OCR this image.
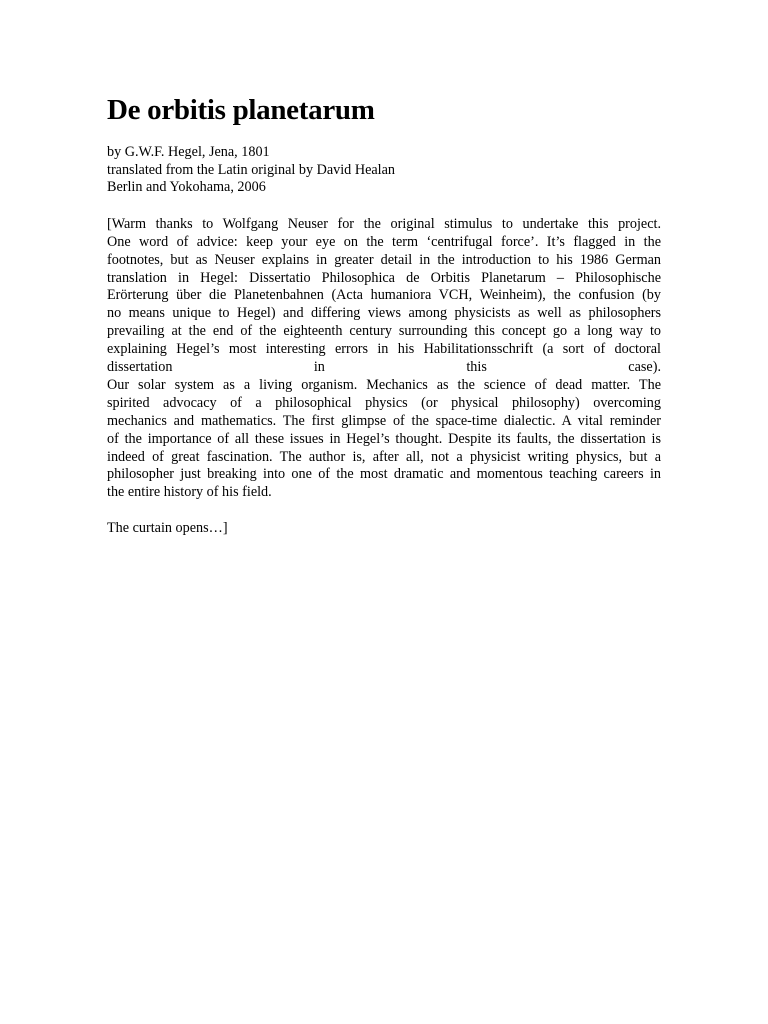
De orbitis planetarum
by G.W.F. Hegel, Jena, 1801
translated from the Latin original by David Healan
Berlin and Yokohama, 2006

[Warm thanks to Wolfgang Neuser for the original stimulus to undertake this project.
One word of advice: keep your eye on the term ‘centrifugal force’. It’s flagged in the
footnotes, but as Neuser explains in greater detail in the introduction to his 1986 German
translation in Hegel: Dissertatio Philosophica de Orbitis Planetarum – Philosophische
Erörterung über die Planetenbahnen (Acta humaniora VCH, Weinheim), the confusion (by
no means unique to Hegel) and differing views among physicists as well as philosophers
prevailing at the end of the eighteenth century surrounding this concept go a long way to
explaining Hegel’s most interesting errors in his Habilitationsschrift (a sort of doctoral
dissertation in this case).

Our solar system as a living organism. Mechanics as the science of dead matter. The
spirited advocacy of a philosophical physics (or physical philosophy) overcoming
mechanics and mathematics. The first glimpse of the space-time dialectic. A vital reminder
of the importance of all these issues in Hegel’s thought. Despite its faults, the dissertation is
indeed of great fascination. The author is, after all, not a physicist writing physics, but a
philosopher just breaking into one of the most dramatic and momentous teaching careers in
the entire history of his field.

The curtain opens…]
